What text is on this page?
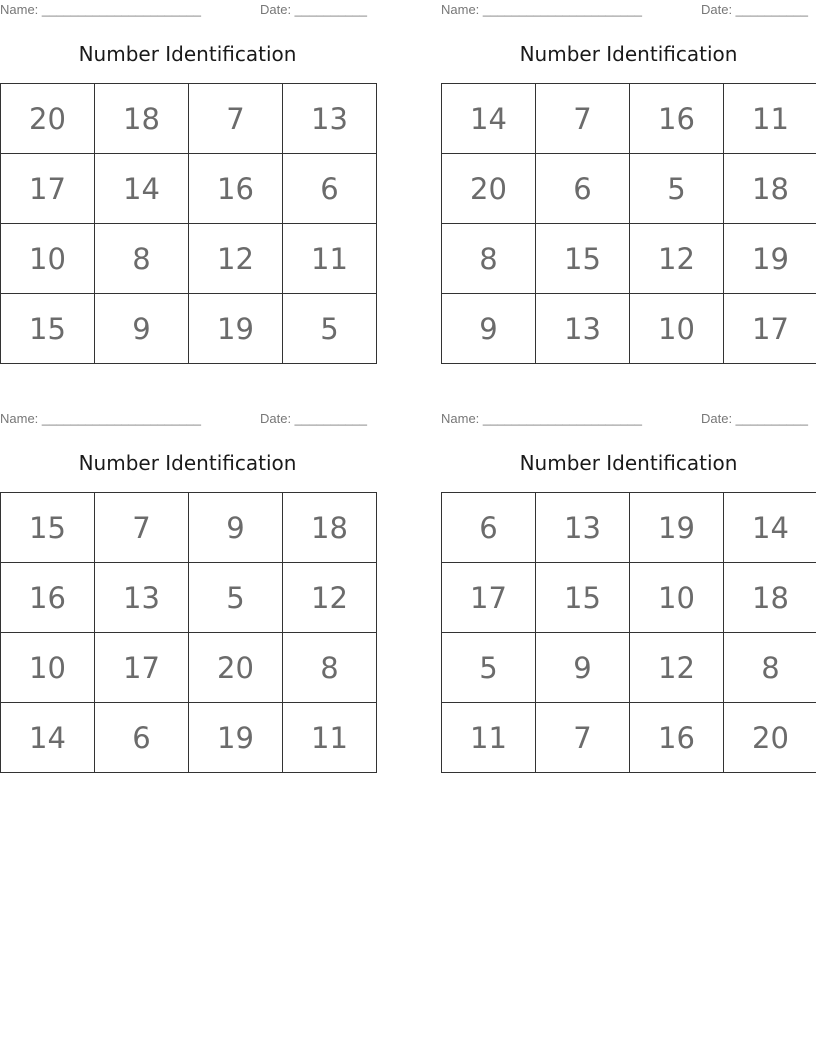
Name: ______________________	Date: __________
Number Identification
20	18	7	13
17	14	16	6
10	8	12	11
15	9	19	5
Name: ______________________	Date: __________
Number Identification
14	7	16	11
20	6	5	18
8	15	12	19
9	13	10	17
Name: ______________________	Date: __________
Number Identification
15	7	9	18
16	13	5	12
10	17	20	8
14	6	19	11
Name: ______________________	Date: __________
Number Identification
6	13	19	14
17	15	10	18
5	9	12	8
11	7	16	20
